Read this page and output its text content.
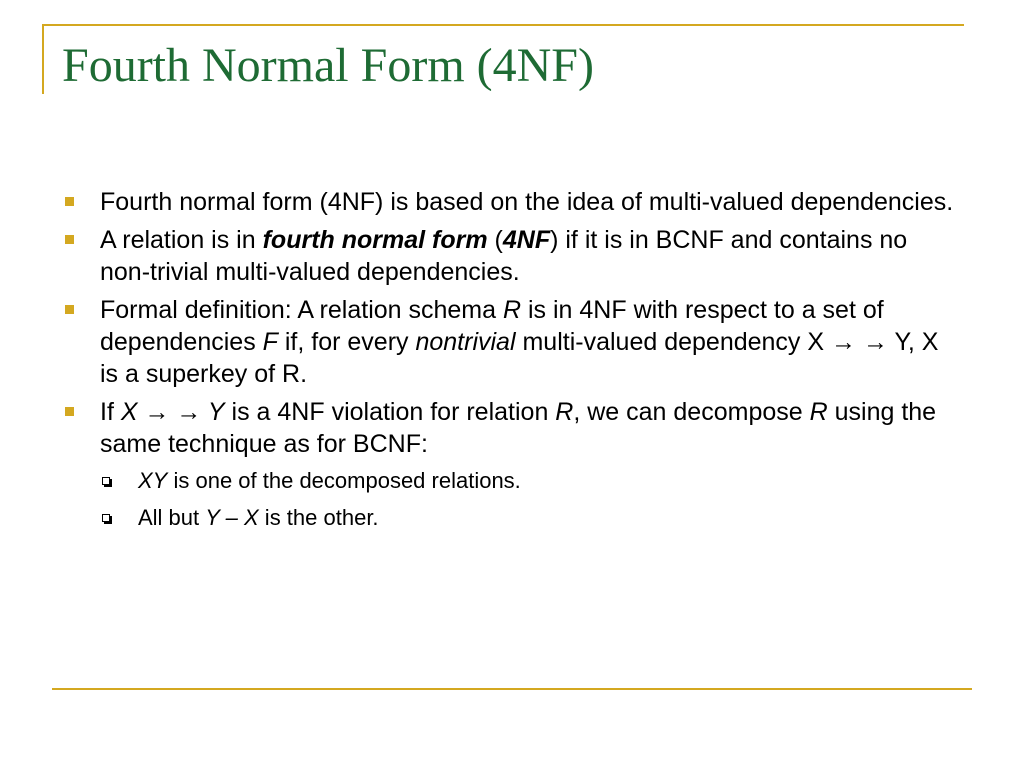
Fourth Normal Form (4NF)
Fourth normal form (4NF) is based on the idea of multi-valued dependencies.
A relation is in fourth normal form (4NF) if it is in BCNF and contains no non-trivial multi-valued dependencies.
Formal definition: A relation schema R is in 4NF with respect to a set of dependencies F if, for every nontrivial multi-valued dependency X → → Y, X is a superkey of R.
If X → → Y is a 4NF violation for relation R, we can decompose R using the same technique as for BCNF:
XY is one of the decomposed relations.
All but Y – X is the other.
